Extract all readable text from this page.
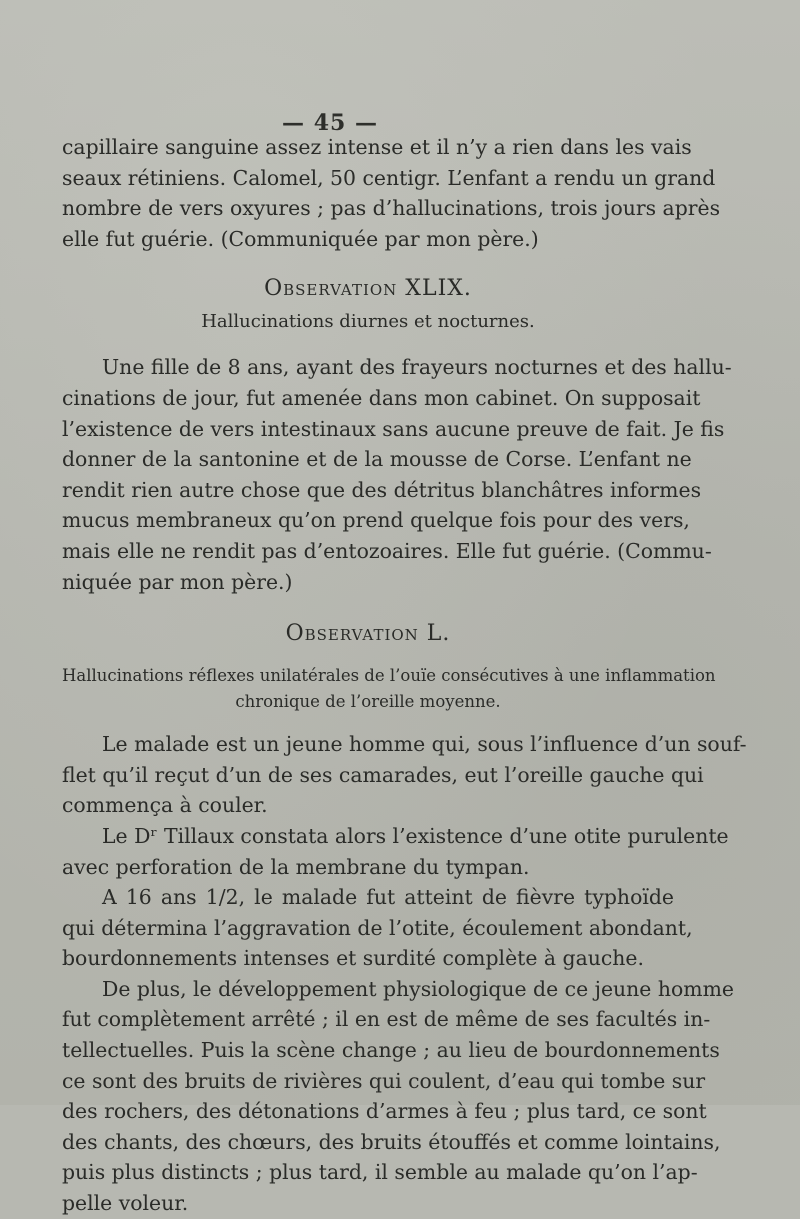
— 45 —
capillaire sanguine assez intense et il n’y a rien dans les vais
seaux rétiniens. Calomel, 50 centigr. L’enfant a rendu un grand
nombre de vers oxyures ; pas d’hallucinations, trois jours après
elle fut guérie. (Communiquée par mon père.)
Observation XLIX.
Hallucinations diurnes et nocturnes.
Une fille de 8 ans, ayant des frayeurs nocturnes et des hallu-
cinations de jour, fut amenée dans mon cabinet. On supposait
l’existence de vers intestinaux sans aucune preuve de fait. Je fis
donner de la santonine et de la mousse de Corse. L’enfant ne
rendit rien autre chose que des détritus blanchâtres informes
mucus membraneux qu’on prend quelque fois pour des vers,
mais elle ne rendit pas d’entozoaires. Elle fut guérie. (Commu-
niquée par mon père.)
Observation L.
Hallucinations réflexes unilatérales de l’ouïe consécutives à une inflammation
chronique de l’oreille moyenne.
Le malade est un jeune homme qui, sous l’influence d’un souf-
flet qu’il reçut d’un de ses camarades, eut l’oreille gauche qui
commença à couler.
Le Dʳ Tillaux constata alors l’existence d’une otite purulente
avec perforation de la membrane du tympan.
A 16 ans 1/2, le malade fut atteint de fièvre typhoïde
qui détermina l’aggravation de l’otite, écoulement abondant,
bourdonnements intenses et surdité complète à gauche.
De plus, le développement physiologique de ce jeune homme
fut complètement arrêté ; il en est de même de ses facultés in-
tellectuelles. Puis la scène change ; au lieu de bourdonnements
ce sont des bruits de rivières qui coulent, d’eau qui tombe sur
des rochers, des détonations d’armes à feu ; plus tard, ce sont
des chants, des chœurs, des bruits étouffés et comme lointains,
puis plus distincts ; plus tard, il semble au malade qu’on l’ap-
pelle voleur.
